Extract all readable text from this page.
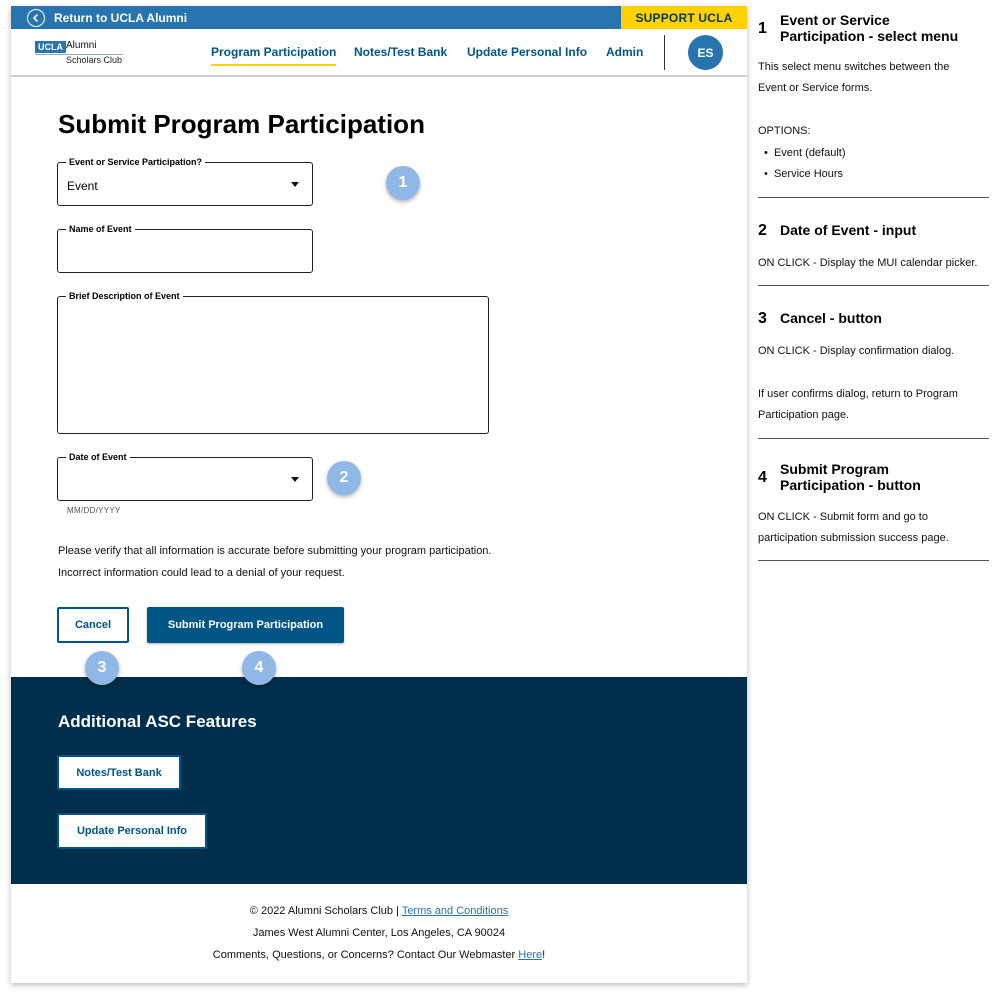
Return to UCLA Alumni	SUPPORT UCLA
UCLA Alumni
Scholars Club
Program Participation Notes/Test Bank Update Personal Info Admin	ES
Submit Program Participation
Event or Service Participation?
Event
Name of Event
Brief Description of Event
Date of Event
MM/DD/YYYY
Please verify that all information is accurate before submitting your program participation.
Incorrect information could lead to a denial of your request.
Cancel	Submit Program Participation
1
2
3	4
Additional ASC Features
Notes/Test Bank
Update Personal Info
© 2022 Alumni Scholars Club | Terms and Conditions
James West Alumni Center, Los Angeles, CA 90024
Comments, Questions, or Concerns? Contact Our Webmaster Here!
1 Event or Service
Participation - select menu
This select menu switches between the
Event or Service forms.
OPTIONS:
•  Event (default)
•  Service Hours
2 Date of Event - input
ON CLICK - Display the MUI calendar picker.
3 Cancel - button
ON CLICK - Display confirmation dialog.
If user confirms dialog, return to Program
Participation page.
4 Submit Program
Participation - button
ON CLICK - Submit form and go to
participation submission success page.
